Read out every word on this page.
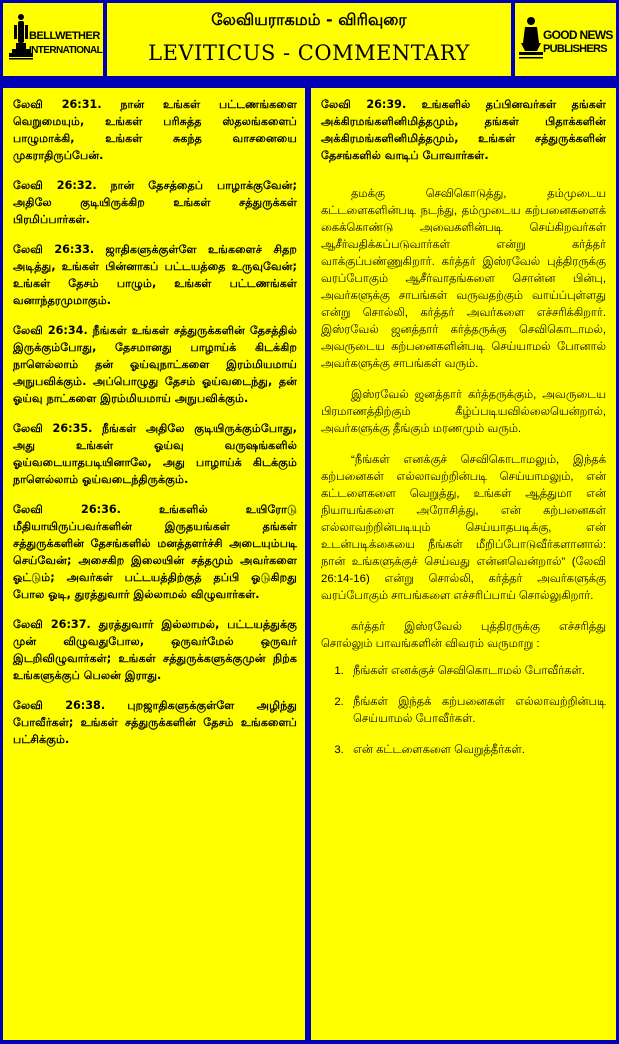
BELLWETHER
INTERNATIONAL
லேவியராகமம் - விரிவுரை
LEVITICUS - COMMENTARY
GOOD NEWS
PUBLISHERS

லேவி 26:31. நான் உங்கள் பட்டணங்களை வெறுமையும், உங்கள் பரிசுத்த ஸ்தலங்களைப் பாழுமாக்கி, உங்கள் சுகந்த வாசனையை முகராதிருப்பேன்.

லேவி 26:32. நான் தேசத்தைப் பாழாக்குவேன்; அதிலே குடியிருக்கிற உங்கள் சத்துருக்கள் பிரமிப்பார்கள்.

லேவி 26:33. ஜாதிகளுக்குள்ளே உங்களைச் சிதற அடித்து, உங்கள் பின்னாகப் பட்டயத்தை உருவுவேன்; உங்கள் தேசம் பாழும், உங்கள் பட்டணங்கள் வனாந்தரமுமாகும்.

லேவி 26:34. நீங்கள் உங்கள் சத்துருக்களின் தேசத்தில் இருக்கும்போது, தேசமானது பாழாய்க் கிடக்கிற நாளெல்லாம் தன் ஓய்வுநாட்களை இரம்மியமாய் அநுபவிக்கும். அப்பொழுது தேசம் ஓய்வடைந்து, தன் ஓய்வு நாட்களை இரம்மியமாய் அநுபவிக்கும்.

லேவி 26:35. நீங்கள் அதிலே குடியிருக்கும்போது, அது உங்கள் ஓய்வு வருஷங்களில் ஓய்வடையாதபடியினாலே, அது பாழாய்க் கிடக்கும் நாளெல்லாம் ஓய்வடைந்திருக்கும்.

லேவி 26:36. உங்களில் உயிரோடு மீதியாயிருப்பவர்களின் இருதயங்கள் தங்கள் சத்துருக்களின் தேசங்களில் மனத்தளர்ச்சி அடையும்படி செய்வேன்; அசைகிற இலையின் சத்தமும் அவர்களை ஓட்டும்; அவர்கள் பட்டயத்திற்குத் தப்பி ஓடுகிறது போல ஓடி, துரத்துவார் இல்லாமல் விழுவார்கள்.

லேவி 26:37. துரத்துவார் இல்லாமல், பட்டயத்துக்கு முன் விழுவதுபோல, ஒருவர்மேல் ஒருவர் இடறிவிழுவார்கள்; உங்கள் சத்துருக்களுக்குமுன் நிற்க உங்களுக்குப் பெலன் இராது.

லேவி 26:38. புறஜாதிகளுக்குள்ளே அழிந்து போவீர்கள்; உங்கள் சத்துருக்களின் தேசம் உங்களைப் பட்சிக்கும்.

லேவி 26:39. உங்களில் தப்பினவர்கள் தங்கள் அக்கிரமங்களினிமித்தமும், தங்கள் பிதாக்களின் அக்கிரமங்களினிமித்தமும், உங்கள் சத்துருக்களின் தேசங்களில் வாடிப் போவார்கள்.

தமக்கு செவிகொடுத்து, தம்முடைய கட்டளைகளின்படி நடந்து, தம்முடைய கற்பனைகளைக் கைக்கொண்டு அவைகளின்படி செய்கிறவர்கள் ஆசீர்வதிக்கப்படுவார்கள் என்று கர்த்தர் வாக்குப்பண்ணுகிறார். கர்த்தர் இஸ்ரவேல் புத்திரருக்கு வரப்போகும் ஆசீர்வாதங்களை சொன்ன பின்பு, அவர்களுக்கு சாபங்கள் வருவதற்கும் வாய்ப்புள்ளது என்று சொல்லி, கர்த்தர் அவர்களை எச்சரிக்கிறார். இஸ்ரவேல் ஜனத்தார் கர்த்தருக்கு செவிகொடாமல், அவருடைய கற்பனைகளின்படி செய்யாமல் போனால் அவர்களுக்கு சாபங்கள் வரும்.

இஸ்ரவேல் ஜனத்தார் கர்த்தருக்கும், அவருடைய பிரமாணத்திற்கும் கீழ்ப்படியவில்லையென்றால், அவர்களுக்கு தீங்கும் மரணமும் வரும்.

“நீங்கள் எனக்குச் செவிகொடாமலும், இந்தக் கற்பனைகள் எல்லாவற்றின்படி செய்யாமலும், என் கட்டளைகளை வெறுத்து, உங்கள் ஆத்துமா என் நியாயங்களை அரோசித்து, என் கற்பனைகள் எல்லாவற்றின்படியும் செய்யாதபடிக்கு, என் உடன்படிக்கையை நீங்கள் மீறிப்போடுவீர்களானால்: நான் உங்களுக்குச் செய்வது என்னவென்றால்” (லேவி 26:14-16) என்று சொல்லி, கர்த்தர் அவர்களுக்கு வரப்போகும் சாபங்களை எச்சரிப்பாய் சொல்லுகிறார்.

கர்த்தர் இஸ்ரவேல் புத்திரருக்கு எச்சரித்து சொல்லும் பாவங்களின் விவரம் வருமாறு :

1. நீங்கள் எனக்குச் செவிகொடாமல் போவீர்கள்.
2. நீங்கள் இந்தக் கற்பனைகள் எல்லாவற்றின்படி செய்யாமல் போவீர்கள்.
3. என் கட்டளைகளை வெறுத்தீர்கள்.
